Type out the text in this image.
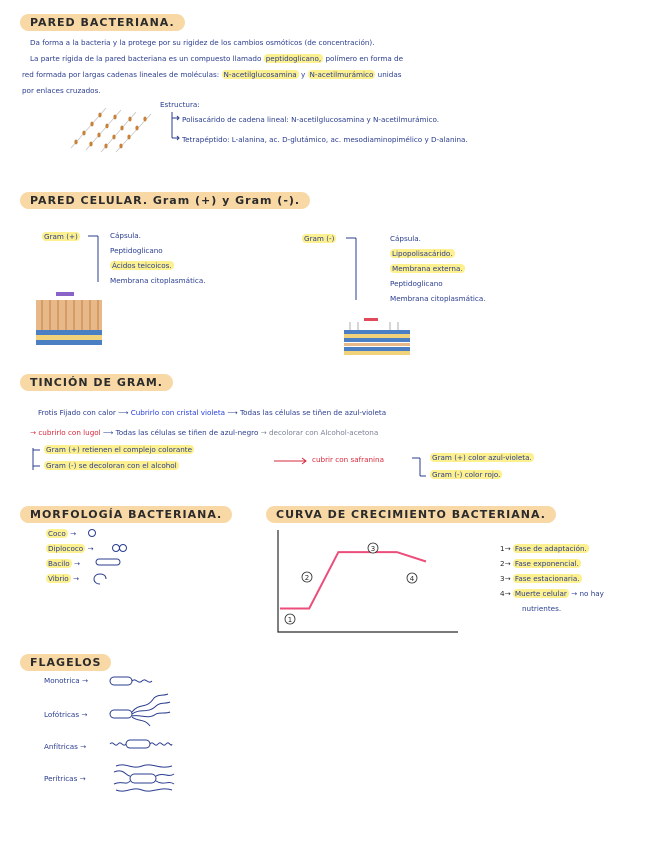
PARED BACTERIANA.
Da forma a la bacteria y la protege por su rigidez de los cambios osmóticos (de concentración).
La parte rígida de la pared bacteriana es un compuesto llamado peptidoglicano, polímero en forma de
red formada por largas cadenas lineales de moléculas: N-acetilglucosamina y N-acetilmurámico unidas
por enlaces cruzados.
Estructura:
Polisacárido de cadena lineal: N-acetilglucosamina y N-acetilmurámico.
Tetrapéptido: L-alanina, ac. D-glutámico, ac. mesodiaminopimélico y D-alanina.
PARED CELULAR. Gram (+) y Gram (-).
Gram (+)	Cápsula.
Peptidoglicano
Ácidos teicoicos.
Membrana citoplasmática.
Gram (-)	Cápsula.
Lipopolisacárido.
Membrana externa.
Peptidoglicano
Membrana citoplasmática.
TINCIÓN DE GRAM.
Frotis Fijado con calor ⟶ Cubrirlo con cristal violeta ⟶ Todas las células se tiñen de azul-violeta
→ cubrirlo con lugol ⟶ Todas las células se tiñen de azul-negro → decolorar con Alcohol-acetona
Gram (+) retienen el complejo colorante
Gram (-) se decoloran con el alcohol
cubrir con safranina	Gram (+) color azul-violeta.
Gram (-) color rojo.
MORFOLOGÍA BACTERIANA.
Coco →
Diplococo →
Bacilo →
Vibrio →
CURVA DE CRECIMIENTO BACTERIANA.
1
2
3
4
1→ Fase de adaptación.
2→ Fase exponencial.
3→ Fase estacionaria.
4→ Muerte celular → no hay
nutrientes.
FLAGELOS
Monotrica →
Lofótricas →
Anfítricas →
Perítricas →
